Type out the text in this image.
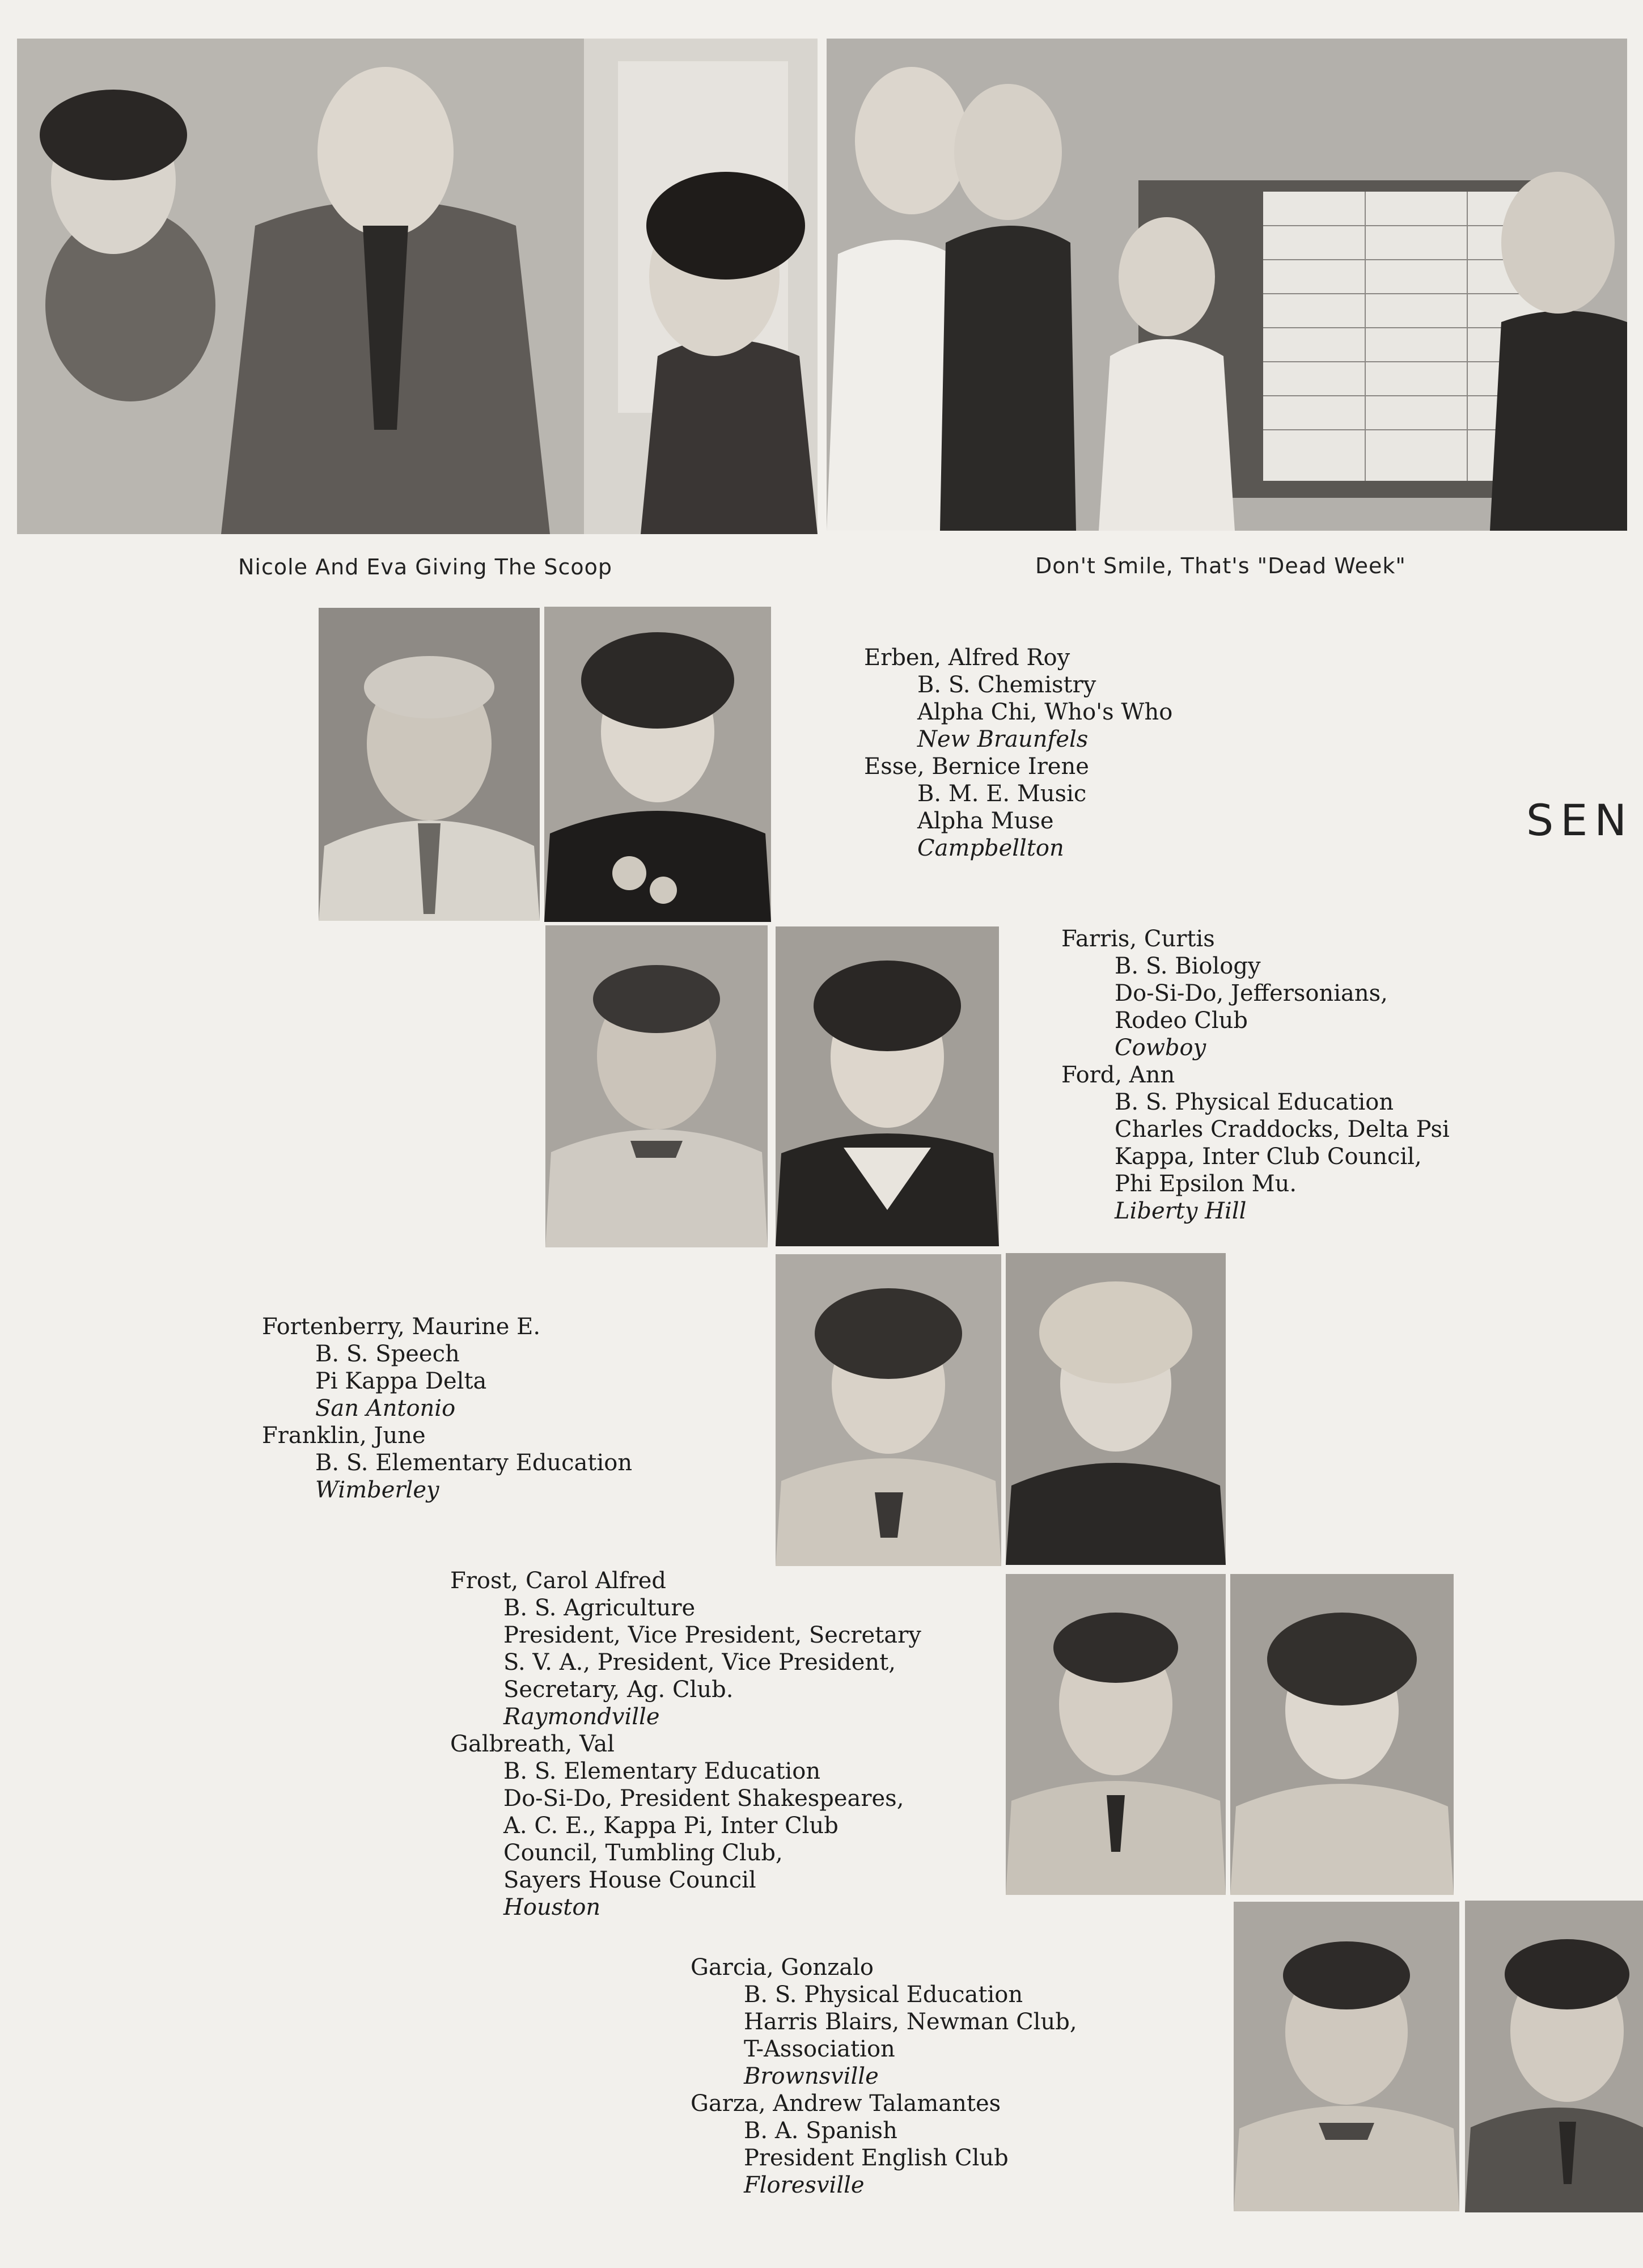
Nicole And Eva Giving The Scoop	Don't Smile, That's "Dead Week"
SEN
Erben, Alfred Roy
B. S. Chemistry
Alpha Chi, Who's Who
New Braunfels
Esse, Bernice Irene
B. M. E. Music
Alpha Muse
Campbellton
Farris, Curtis
B. S. Biology
Do-Si-Do, Jeffersonians,
Rodeo Club
Cowboy
Ford, Ann
B. S. Physical Education
Charles Craddocks, Delta Psi
Kappa, Inter Club Council,
Phi Epsilon Mu.
Liberty Hill
Fortenberry, Maurine E.
B. S. Speech
Pi Kappa Delta
San Antonio
Franklin, June
B. S. Elementary Education
Wimberley
Frost, Carol Alfred
B. S. Agriculture
President, Vice President, Secretary
S. V. A., President, Vice President,
Secretary, Ag. Club.
Raymondville
Galbreath, Val
B. S. Elementary Education
Do-Si-Do, President Shakespeares,
A. C. E., Kappa Pi, Inter Club
Council, Tumbling Club,
Sayers House Council
Houston
Garcia, Gonzalo
B. S. Physical Education
Harris Blairs, Newman Club,
T-Association
Brownsville
Garza, Andrew Talamantes
B. A. Spanish
President English Club
Floresville
